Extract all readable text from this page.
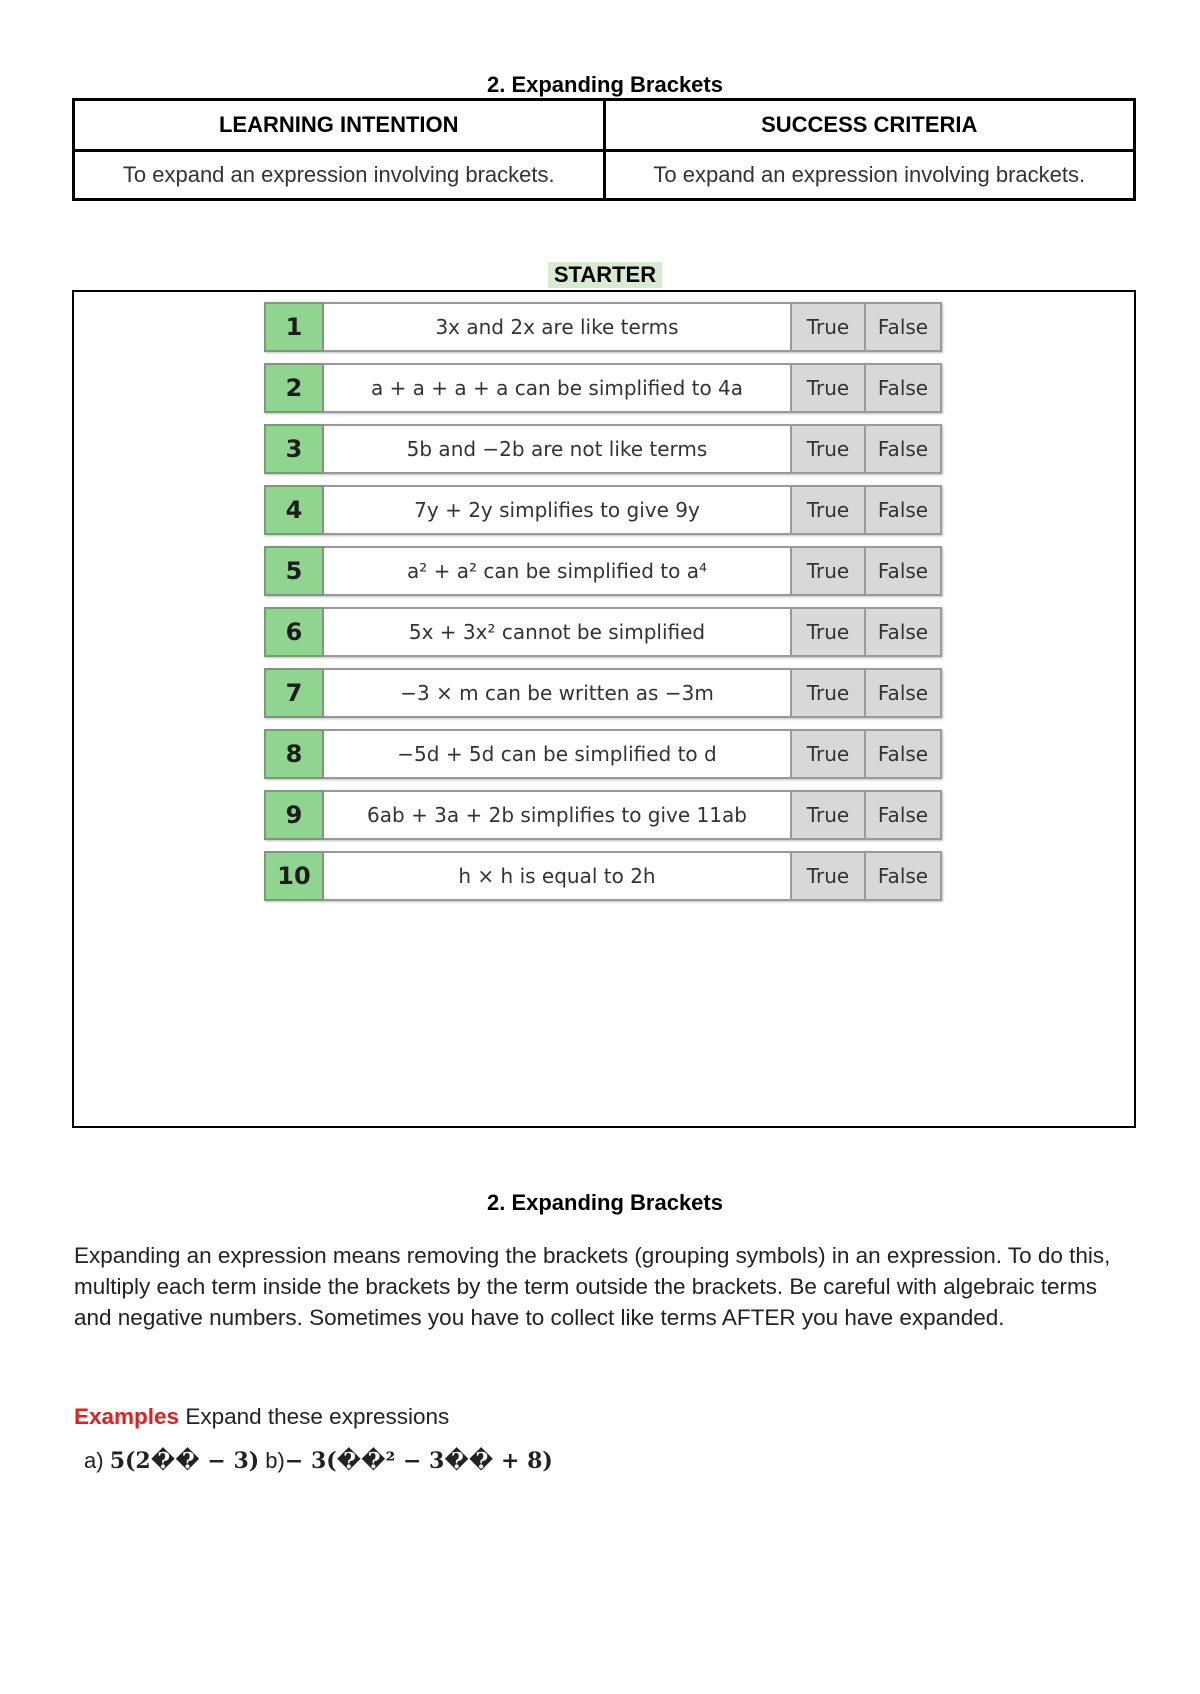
2. Expanding Brackets
LEARNING INTENTION	SUCCESS CRITERIA
To expand an expression involving brackets.	To expand an expression involving brackets.
STARTER
1	3x and 2x are like terms	True	False
2	a + a + a + a can be simplified to 4a	True	False
3	5b and −2b are not like terms	True	False
4	7y + 2y simplifies to give 9y	True	False
5	a² + a² can be simplified to a⁴	True	False
6	5x + 3x² cannot be simplified	True	False
7	−3 × m can be written as −3m	True	False
8	−5d + 5d can be simplified to d	True	False
9	6ab + 3a + 2b simplifies to give 11ab	True	False
10	h × h is equal to 2h	True	False
2. Expanding Brackets
Expanding an expression means removing the brackets (grouping symbols) in an expression. To do this, multiply each term inside the brackets by the term outside the brackets. Be careful with algebraic terms and negative numbers. Sometimes you have to collect like terms AFTER you have expanded.
Examples Expand these expressions
a) 5(2�� − 3) b)− 3(��² − 3�� + 8)
